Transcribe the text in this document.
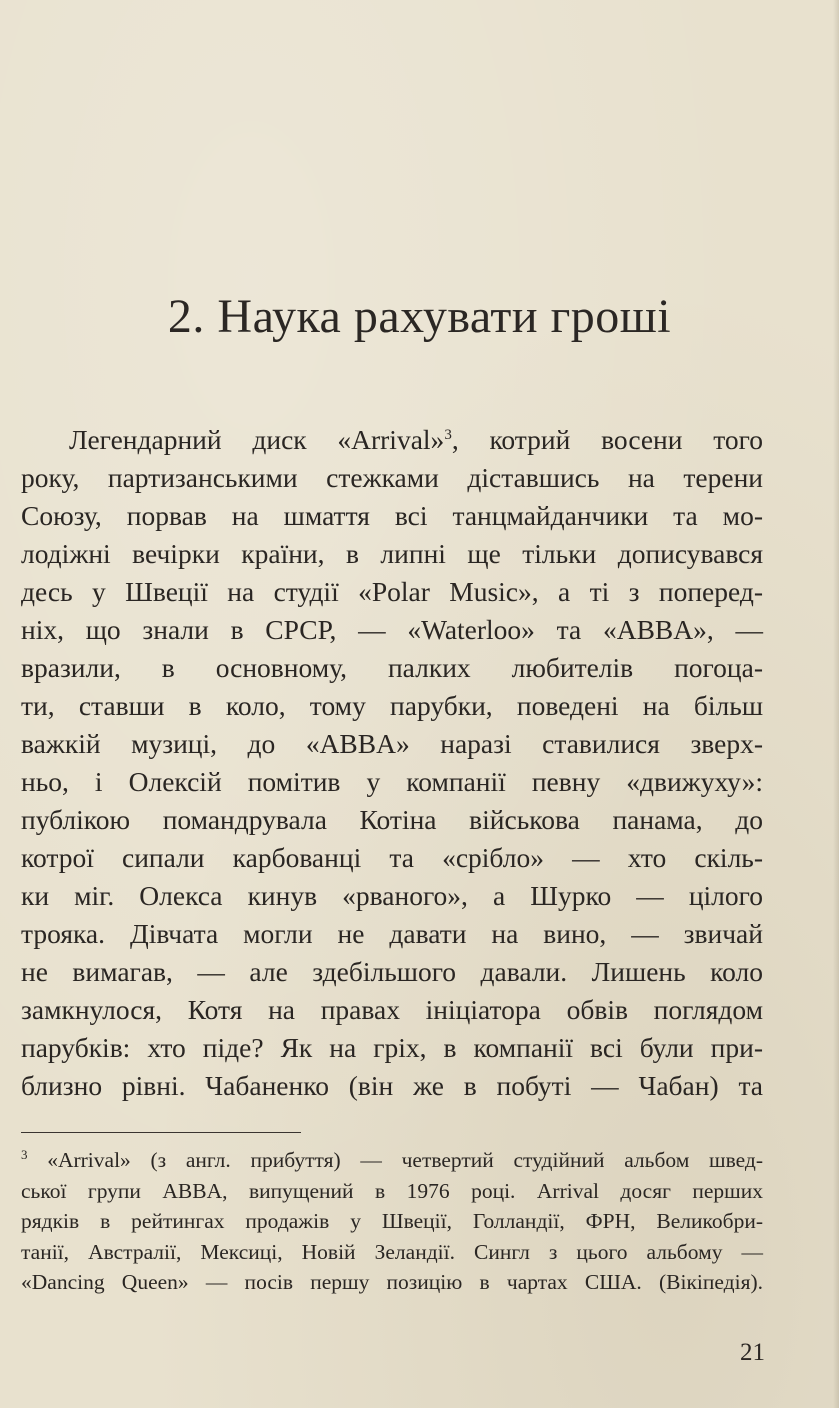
2. Наука рахувати гроші
Легендарний диск «Arrival»$^3$, котрий восени того
року, партизанськими стежками діставшись на терени
Союзу, порвав на шмаття всі танцмайданчики та мо-
лодіжні вечірки країни, в липні ще тільки дописувався
десь у Швеції на студії «Polar Music», а ті з поперед-
ніх, що знали в СРСР, — «Waterloo» та «ABBA», —
вразили, в основному, палких любителів погоца-
ти, ставши в коло, тому парубки, поведені на більш
важкій музиці, до «ABBA» наразі ставилися зверх-
ньо, і Олексій помітив у компанії певну «движуху»:
публікою помандрувала Котіна військова панама, до
котрої сипали карбованці та «срібло» — хто скіль-
ки міг. Олекса кинув «рваного», а Шурко — цілого
трояка. Дівчата могли не давати на вино, — звичай
не вимагав, — але здебільшого давали. Лишень коло
замкнулося, Котя на правах ініціатора обвів поглядом
парубків: хто піде? Як на гріх, в компанії всі були при-
близно рівні. Чабаненко (він же в побуті — Чабан) та
$^3$ «Arrival» (з англ. прибуття) — четвертий студійний альбом швед-
ської групи ABBA, випущений в 1976 році. Arrival досяг перших
рядків в рейтингах продажів у Швеції, Голландії, ФРН, Великобри-
танії, Австралії, Мексиці, Новій Зеландії. Сингл з цього альбому —
«Dancing Queen» — посів першу позицію в чартах США. (Вікіпедія).
21
